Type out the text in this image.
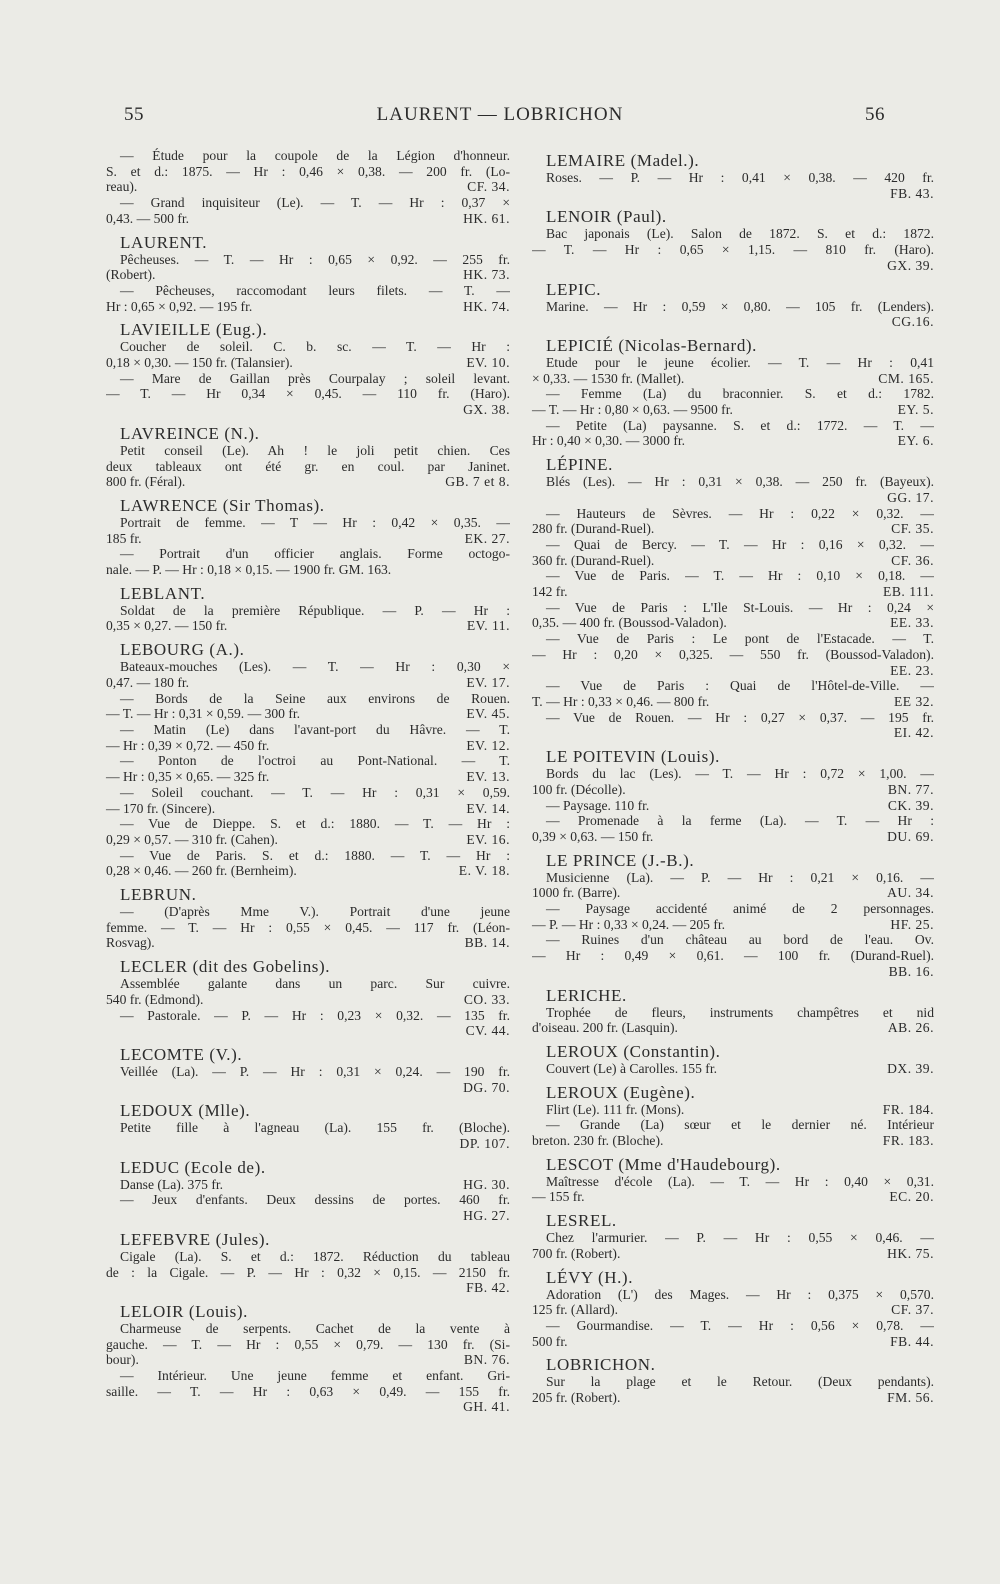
55	LAURENT — LOBRICHON	56
— Étude pour la coupole de la Légion d'honneur.
S. et d.: 1875. — Hr : 0,46 × 0,38. — 200 fr. (Lo-
reau).	CF. 34.
— Grand inquisiteur (Le). — T. — Hr : 0,37 ×
0,43. — 500 fr.	HK. 61.
LAURENT.
Pêcheuses. — T. — Hr : 0,65 × 0,92. — 255 fr.
(Robert).	HK. 73.
— Pêcheuses, raccomodant leurs filets. — T. —
Hr : 0,65 × 0,92. — 195 fr.	HK. 74.
LAVIEILLE (Eug.).
Coucher de soleil. C. b. sc. — T. — Hr :
0,18 × 0,30. — 150 fr. (Talansier).	EV. 10.
— Mare de Gaillan près Courpalay ; soleil levant.
— T. — Hr 0,34 × 0,45. — 110 fr. (Haro).
GX. 38.
LAVREINCE (N.).
Petit conseil (Le). Ah ! le joli petit chien. Ces
deux tableaux ont été gr. en coul. par Janinet.
800 fr. (Féral).	GB. 7 et 8.
LAWRENCE (Sir Thomas).
Portrait de femme. — T — Hr : 0,42 × 0,35. —
185 fr.	EK. 27.
— Portrait d'un officier anglais. Forme octogo-
nale. — P. — Hr : 0,18 × 0,15. — 1900 fr. GM. 163.
LEBLANT.
Soldat de la première République. — P. — Hr :
0,35 × 0,27. — 150 fr.	EV. 11.
LEBOURG (A.).
Bateaux-mouches (Les). — T. — Hr : 0,30 ×
0,47. — 180 fr.	EV. 17.
— Bords de la Seine aux environs de Rouen.
— T. — Hr : 0,31 × 0,59. — 300 fr.	EV. 45.
— Matin (Le) dans l'avant-port du Hâvre. — T.
— Hr : 0,39 × 0,72. — 450 fr.	EV. 12.
— Ponton de l'octroi au Pont-National. — T.
— Hr : 0,35 × 0,65. — 325 fr.	EV. 13.
— Soleil couchant. — T. — Hr : 0,31 × 0,59.
— 170 fr. (Sincere).	EV. 14.
— Vue de Dieppe. S. et d.: 1880. — T. — Hr :
0,29 × 0,57. — 310 fr. (Cahen).	EV. 16.
— Vue de Paris. S. et d.: 1880. — T. — Hr :
0,28 × 0,46. — 260 fr. (Bernheim).	E. V. 18.
LEBRUN.
— (D'après Mme V.). Portrait d'une jeune
femme. — T. — Hr : 0,55 × 0,45. — 117 fr. (Léon-
Rosvag).	BB. 14.
LECLER (dit des Gobelins).
Assemblée galante dans un parc. Sur cuivre.
540 fr. (Edmond).	CO. 33.
— Pastorale. — P. — Hr : 0,23 × 0,32. — 135 fr.
CV. 44.
LECOMTE (V.).
Veillée (La). — P. — Hr : 0,31 × 0,24. — 190 fr.
DG. 70.
LEDOUX (Mlle).
Petite fille à l'agneau (La). 155 fr. (Bloche).
DP. 107.
LEDUC (Ecole de).
Danse (La). 375 fr.	HG. 30.
— Jeux d'enfants. Deux dessins de portes. 460 fr.
HG. 27.
LEFEBVRE (Jules).
Cigale (La). S. et d.: 1872. Réduction du tableau
de : la Cigale. — P. — Hr : 0,32 × 0,15. — 2150 fr.
FB. 42.
LELOIR (Louis).
Charmeuse de serpents. Cachet de la vente à
gauche. — T. — Hr : 0,55 × 0,79. — 130 fr. (Si-
bour).	BN. 76.
— Intérieur. Une jeune femme et enfant. Gri-
saille. — T. — Hr : 0,63 × 0,49. — 155 fr.
GH. 41.
LEMAIRE (Madel.).
Roses. — P. — Hr : 0,41 × 0,38. — 420 fr.
FB. 43.
LENOIR (Paul).
Bac japonais (Le). Salon de 1872. S. et d.: 1872.
— T. — Hr : 0,65 × 1,15. — 810 fr. (Haro).
GX. 39.
LEPIC.
Marine. — Hr : 0,59 × 0,80. — 105 fr. (Lenders).
CG.16.
LEPICIÉ (Nicolas-Bernard).
Etude pour le jeune écolier. — T. — Hr : 0,41
× 0,33. — 1530 fr. (Mallet).	CM. 165.
— Femme (La) du braconnier. S. et d.: 1782.
— T. — Hr : 0,80 × 0,63. — 9500 fr.	EY. 5.
— Petite (La) paysanne. S. et d.: 1772. — T. —
Hr : 0,40 × 0,30. — 3000 fr.	EY. 6.
LÉPINE.
Blés (Les). — Hr : 0,31 × 0,38. — 250 fr. (Bayeux).
GG. 17.
— Hauteurs de Sèvres. — Hr : 0,22 × 0,32. —
280 fr. (Durand-Ruel).	CF. 35.
— Quai de Bercy. — T. — Hr : 0,16 × 0,32. —
360 fr. (Durand-Ruel).	CF. 36.
— Vue de Paris. — T. — Hr : 0,10 × 0,18. —
142 fr.	EB. 111.
— Vue de Paris : L'Ile St-Louis. — Hr : 0,24 ×
0,35. — 400 fr. (Boussod-Valadon).	EE. 33.
— Vue de Paris : Le pont de l'Estacade. — T.
— Hr : 0,20 × 0,325. — 550 fr. (Boussod-Valadon).
EE. 23.
— Vue de Paris : Quai de l'Hôtel-de-Ville. —
T. — Hr : 0,33 × 0,46. — 800 fr.	EE 32.
— Vue de Rouen. — Hr : 0,27 × 0,37. — 195 fr.
EI. 42.
LE POITEVIN (Louis).
Bords du lac (Les). — T. — Hr : 0,72 × 1,00. —
100 fr. (Décolle).	BN. 77.
— Paysage. 110 fr.	CK. 39.
— Promenade à la ferme (La). — T. — Hr :
0,39 × 0,63. — 150 fr.	DU. 69.
LE PRINCE (J.-B.).
Musicienne (La). — P. — Hr : 0,21 × 0,16. —
1000 fr. (Barre).	AU. 34.
— Paysage accidenté animé de 2 personnages.
— P. — Hr : 0,33 × 0,24. — 205 fr.	HF. 25.
— Ruines d'un château au bord de l'eau. Ov.
— Hr : 0,49 × 0,61. — 100 fr. (Durand-Ruel).
BB. 16.
LERICHE.
Trophée de fleurs, instruments champêtres et nid
d'oiseau. 200 fr. (Lasquin).	AB. 26.
LEROUX (Constantin).
Couvert (Le) à Carolles. 155 fr.	DX. 39.
LEROUX (Eugène).
Flirt (Le). 111 fr. (Mons).	FR. 184.
— Grande (La) sœur et le dernier né. Intérieur
breton. 230 fr. (Bloche).	FR. 183.
LESCOT (Mme d'Haudebourg).
Maîtresse d'école (La). — T. — Hr : 0,40 × 0,31.
— 155 fr.	EC. 20.
LESREL.
Chez l'armurier. — P. — Hr : 0,55 × 0,46. —
700 fr. (Robert).	HK. 75.
LÉVY (H.).
Adoration (L') des Mages. — Hr : 0,375 × 0,570.
125 fr. (Allard).	CF. 37.
— Gourmandise. — T. — Hr : 0,56 × 0,78. —
500 fr.	FB. 44.
LOBRICHON.
Sur la plage et le Retour. (Deux pendants).
205 fr. (Robert).	FM. 56.
